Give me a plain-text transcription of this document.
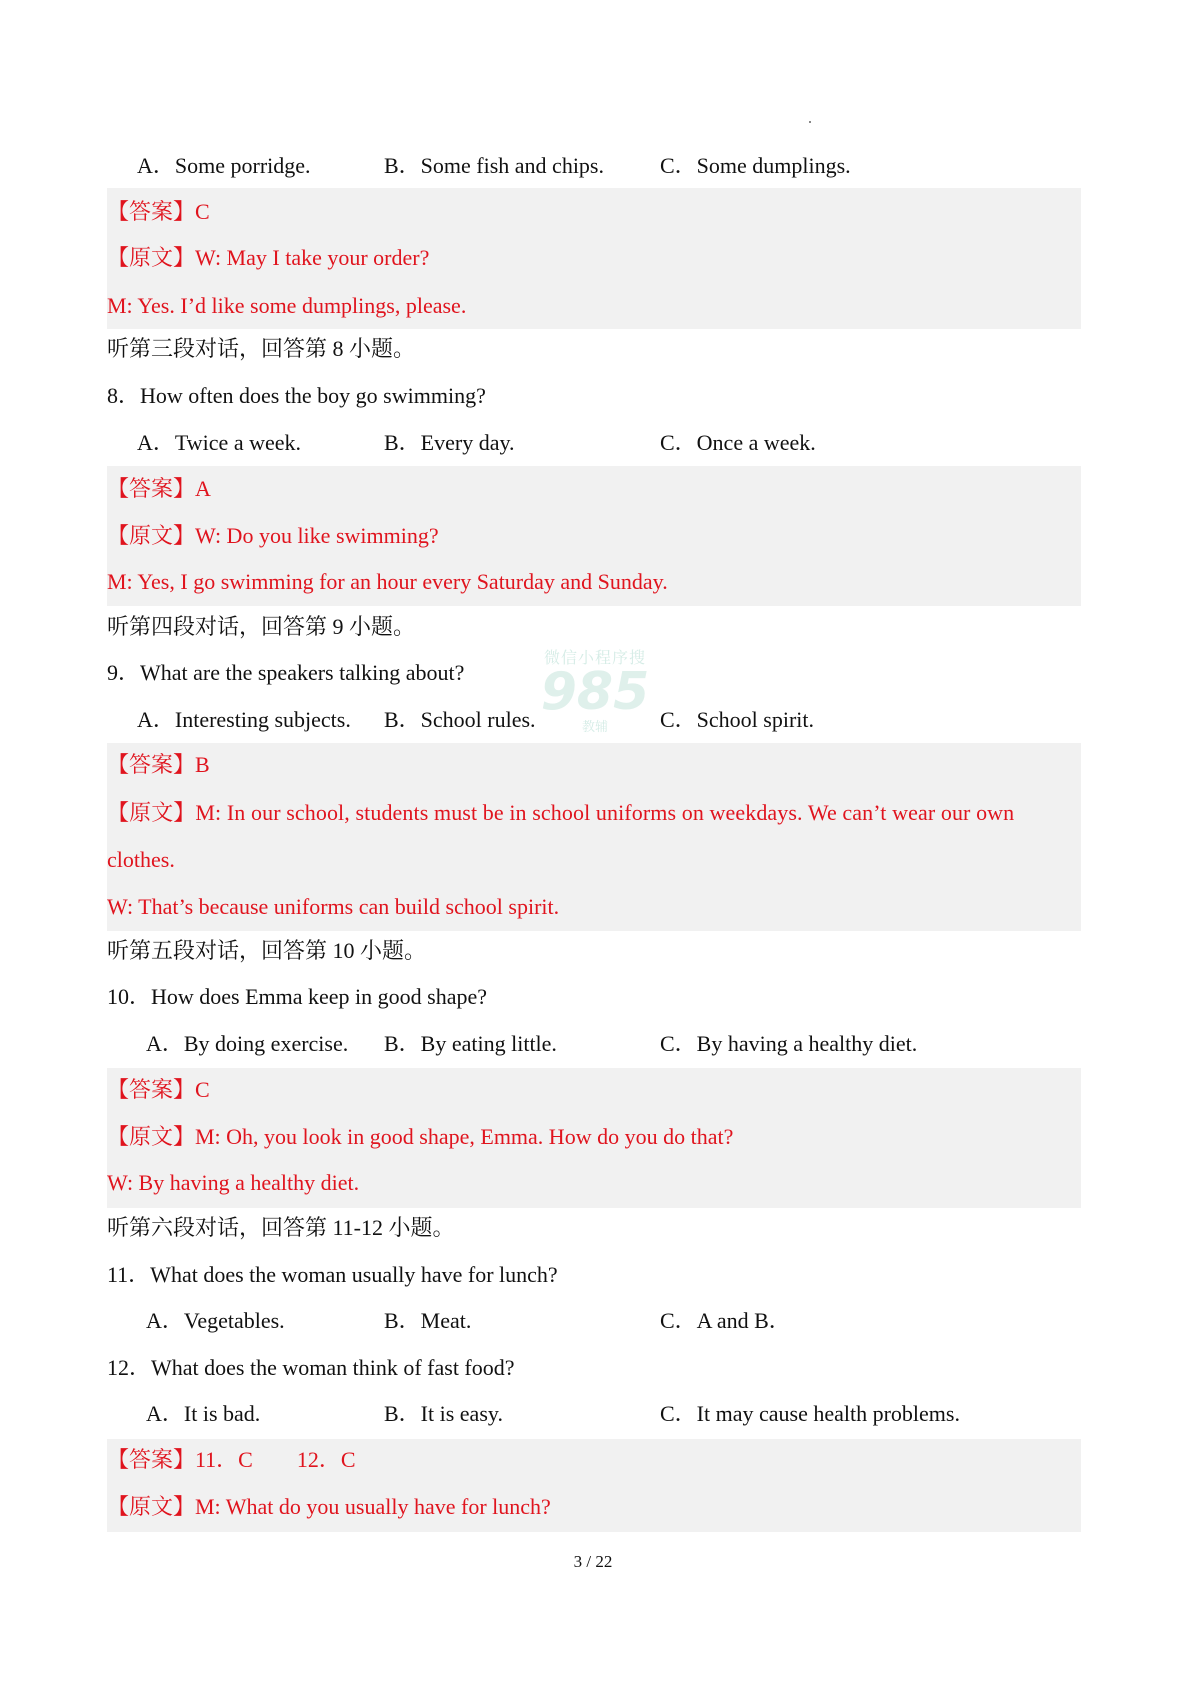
微信小程序搜
985
教辅
A．Some porridge.	B．Some fish and chips.	C．Some dumplings.
【答案】C
【原文】W: May I take your order?
M: Yes. I’d like some dumplings, please.
听第三段对话，回答第 8 小题。
8．How often does the boy go swimming?
A．Twice a week.	B．Every day.	C．Once a week.
【答案】A
【原文】W: Do you like swimming?
M: Yes, I go swimming for an hour every Saturday and Sunday.
听第四段对话，回答第 9 小题。
9．What are the speakers talking about?
A．Interesting subjects. B．School rules.	C．School spirit.
【答案】B
【原文】M: In our school, students must be in school uniforms on weekdays. We can’t wear our own
clothes.
W: That’s because uniforms can build school spirit.
听第五段对话，回答第 10 小题。
10．How does Emma keep in good shape?
A．By doing exercise. B．By eating little.	C．By having a healthy diet.
【答案】C
【原文】M: Oh, you look in good shape, Emma. How do you do that?
W: By having a healthy diet.
听第六段对话，回答第 11-12 小题。
11．What does the woman usually have for lunch?
A．Vegetables.	B．Meat.	C．A and B．
12．What does the woman think of fast food?
A．It is bad.	B．It is easy.	C．It may cause health problems.
【答案】11．C　　12．C
【原文】M: What do you usually have for lunch?
3 / 22
